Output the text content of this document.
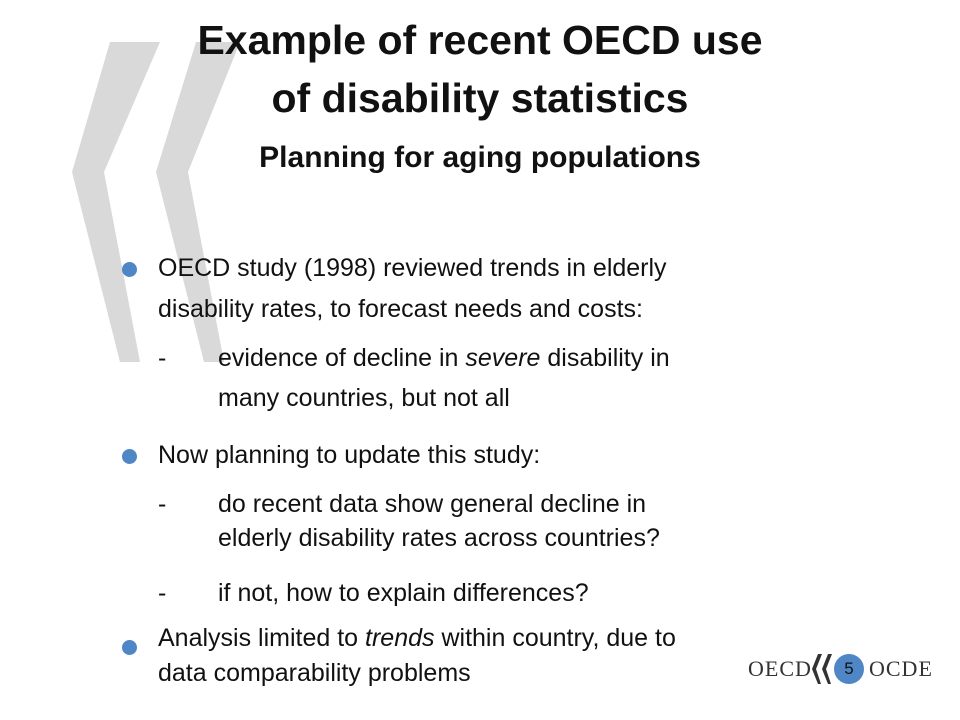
Example of recent OECD use
of disability statistics
Planning for aging populations
OECD study (1998) reviewed trends in elderly
disability rates, to forecast needs and costs:
- evidence of decline in severe disability in
many countries, but not all
Now planning to update this study:
- do recent data show general decline in
elderly disability rates across countries?
- if not, how to explain differences?
Analysis limited to trends within country, due to
data comparability problems	OECD	OCDE
5
